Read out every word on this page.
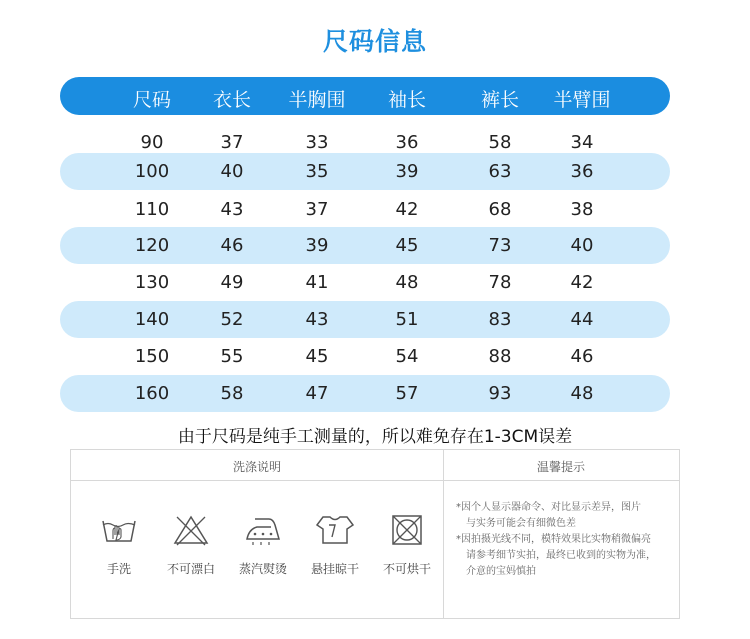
尺码信息
尺码 衣长 半胸围 袖长	裤长 半臂围
90	37	33	36	58	34
100	40	35	39	63	36
110	43	37	42	68	38
120	46	39	45	73	40
130	49	41	48	78	42
140	52	43	51	83	44
150	55	45	54	88	46
160	58	47	57	93	48
由于尺码是纯手工测量的，所以难免存在1-3CM误差
洗涤说明	温馨提示
手洗	不可漂白 蒸汽熨烫 悬挂晾干 不可烘干
*因个人显示器命令、对比显示差异，图片
与实务可能会有细微色差
*因拍摄光线不同，模特效果比实物稍微偏亮
请参考细节实拍，最终已收到的实物为准，
介意的宝妈慎拍
